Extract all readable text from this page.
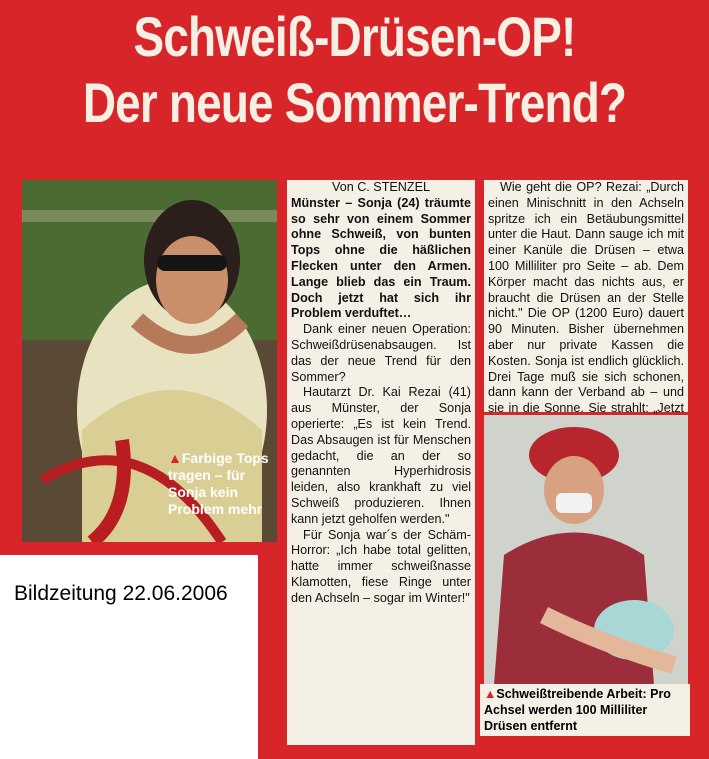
Schweiß-Drüsen-OP!
Der neue Sommer-Trend?
▲Farbige Tops tragen – für Sonja kein Problem mehr
Von C. STENZEL
Münster – Sonja (24) träumte so sehr von einem Sommer ohne Schweiß, von bunten Tops ohne die häßlichen Flecken unter den Armen. Lange blieb das ein Traum. Doch jetzt hat sich ihr Problem verduftet…

Dank einer neuen Operation: Schweißdrüsenabsaugen. Ist das der neue Trend für den Sommer?

Hautarzt Dr. Kai Rezai (41) aus Münster, der Sonja operierte: „Es ist kein Trend. Das Absaugen ist für Menschen gedacht, die an der so genannten Hyperhidrosis leiden, also krankhaft zu viel Schweiß produzieren. Ihnen kann jetzt geholfen werden."

Für Sonja war´s der Schäm-Horror: „Ich habe total gelitten, hatte immer schweißnasse Klamotten, fiese Ringe unter den Achseln – sogar im Winter!"

Wie geht die OP? Rezai: „Durch einen Minischnitt in den Achseln spritze ich ein Betäubungsmittel unter die Haut. Dann sauge ich mit einer Kanüle die Drüsen – etwa 100 Milliliter pro Seite – ab. Dem Körper macht das nichts aus, er braucht die Drüsen an der Stelle nicht." Die OP (1200 Euro) dauert 90 Minuten. Bisher übernehmen aber nur private Kassen die Kosten. Sonja ist endlich glücklich. Drei Tage muß sie sich schonen, dann kann der Verband ab – und sie in die Sonne. Sie strahlt: „Jetzt

▲Schweißtreibende Arbeit: Pro Achsel werden 100 Milliliter Drüsen entfernt
Bildzeitung 22.06.2006
